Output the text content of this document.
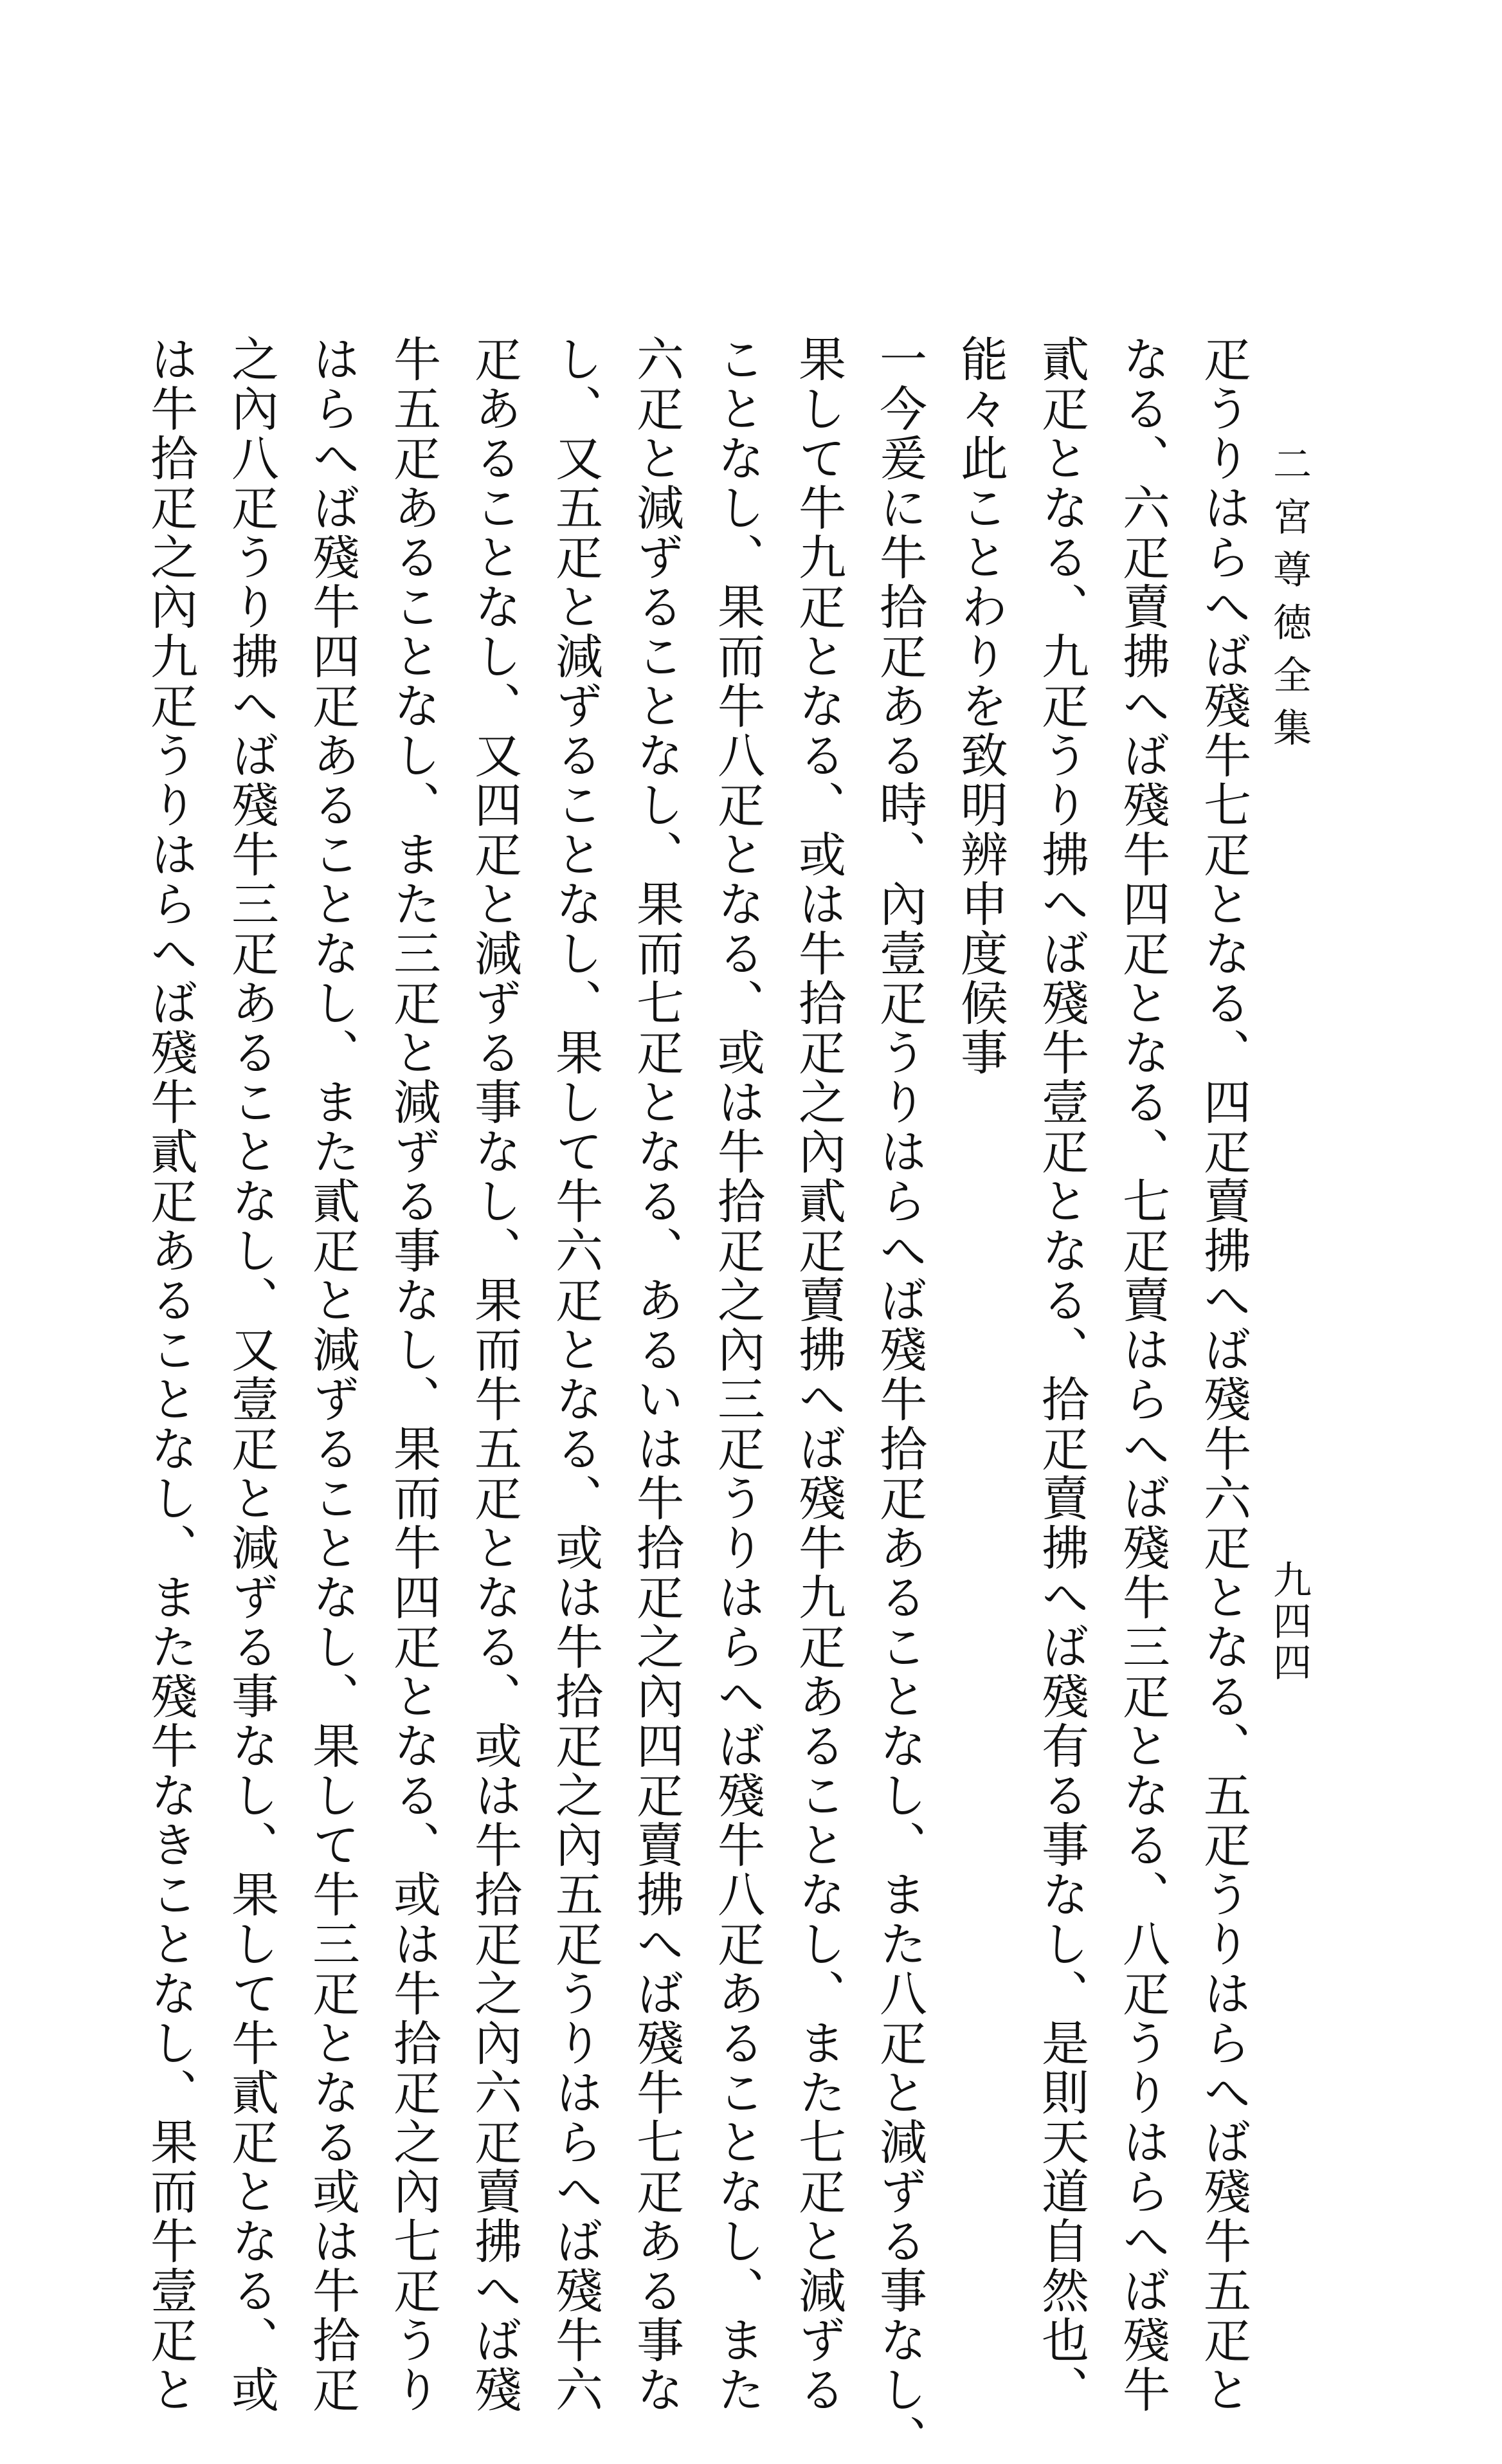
二宮尊徳全集
九四四
疋うりはらへば殘牛七疋となる、四疋賣拂へば殘牛六疋となる、五疋うりはらへば殘牛五疋と
なる、六疋賣拂へば殘牛四疋となる、七疋賣はらへば殘牛三疋となる、八疋うりはらへば殘牛
貳疋となる、九疋うり拂へば殘牛壹疋となる、拾疋賣拂へば殘有る事なし、是則天道自然也、
能々此ことわりを致明辨申度候事
一今爰に牛拾疋ある時、內壹疋うりはらへば殘牛拾疋あることなし、また八疋と減ずる事なし、
果して牛九疋となる、或は牛拾疋之內貳疋賣拂へば殘牛九疋あることなし、また七疋と減ずる
ことなし、果而牛八疋となる、或は牛拾疋之內三疋うりはらへば殘牛八疋あることなし、また
六疋と減ずることなし、果而七疋となる、あるいは牛拾疋之內四疋賣拂へば殘牛七疋ある事な
し、又五疋と減ずることなし、果して牛六疋となる、或は牛拾疋之內五疋うりはらへば殘牛六
疋あることなし、又四疋と減ずる事なし、果而牛五疋となる、或は牛拾疋之內六疋賣拂へば殘
牛五疋あることなし、また三疋と減ずる事なし、果而牛四疋となる、或は牛拾疋之內七疋うり
はらへば殘牛四疋あることなし、また貳疋と減ずることなし、果して牛三疋となる或は牛拾疋
之內八疋うり拂へば殘牛三疋あることなし、又壹疋と減ずる事なし、果して牛貳疋となる、或
は牛拾疋之內九疋うりはらへば殘牛貳疋あることなし、また殘牛なきことなし、果而牛壹疋と
